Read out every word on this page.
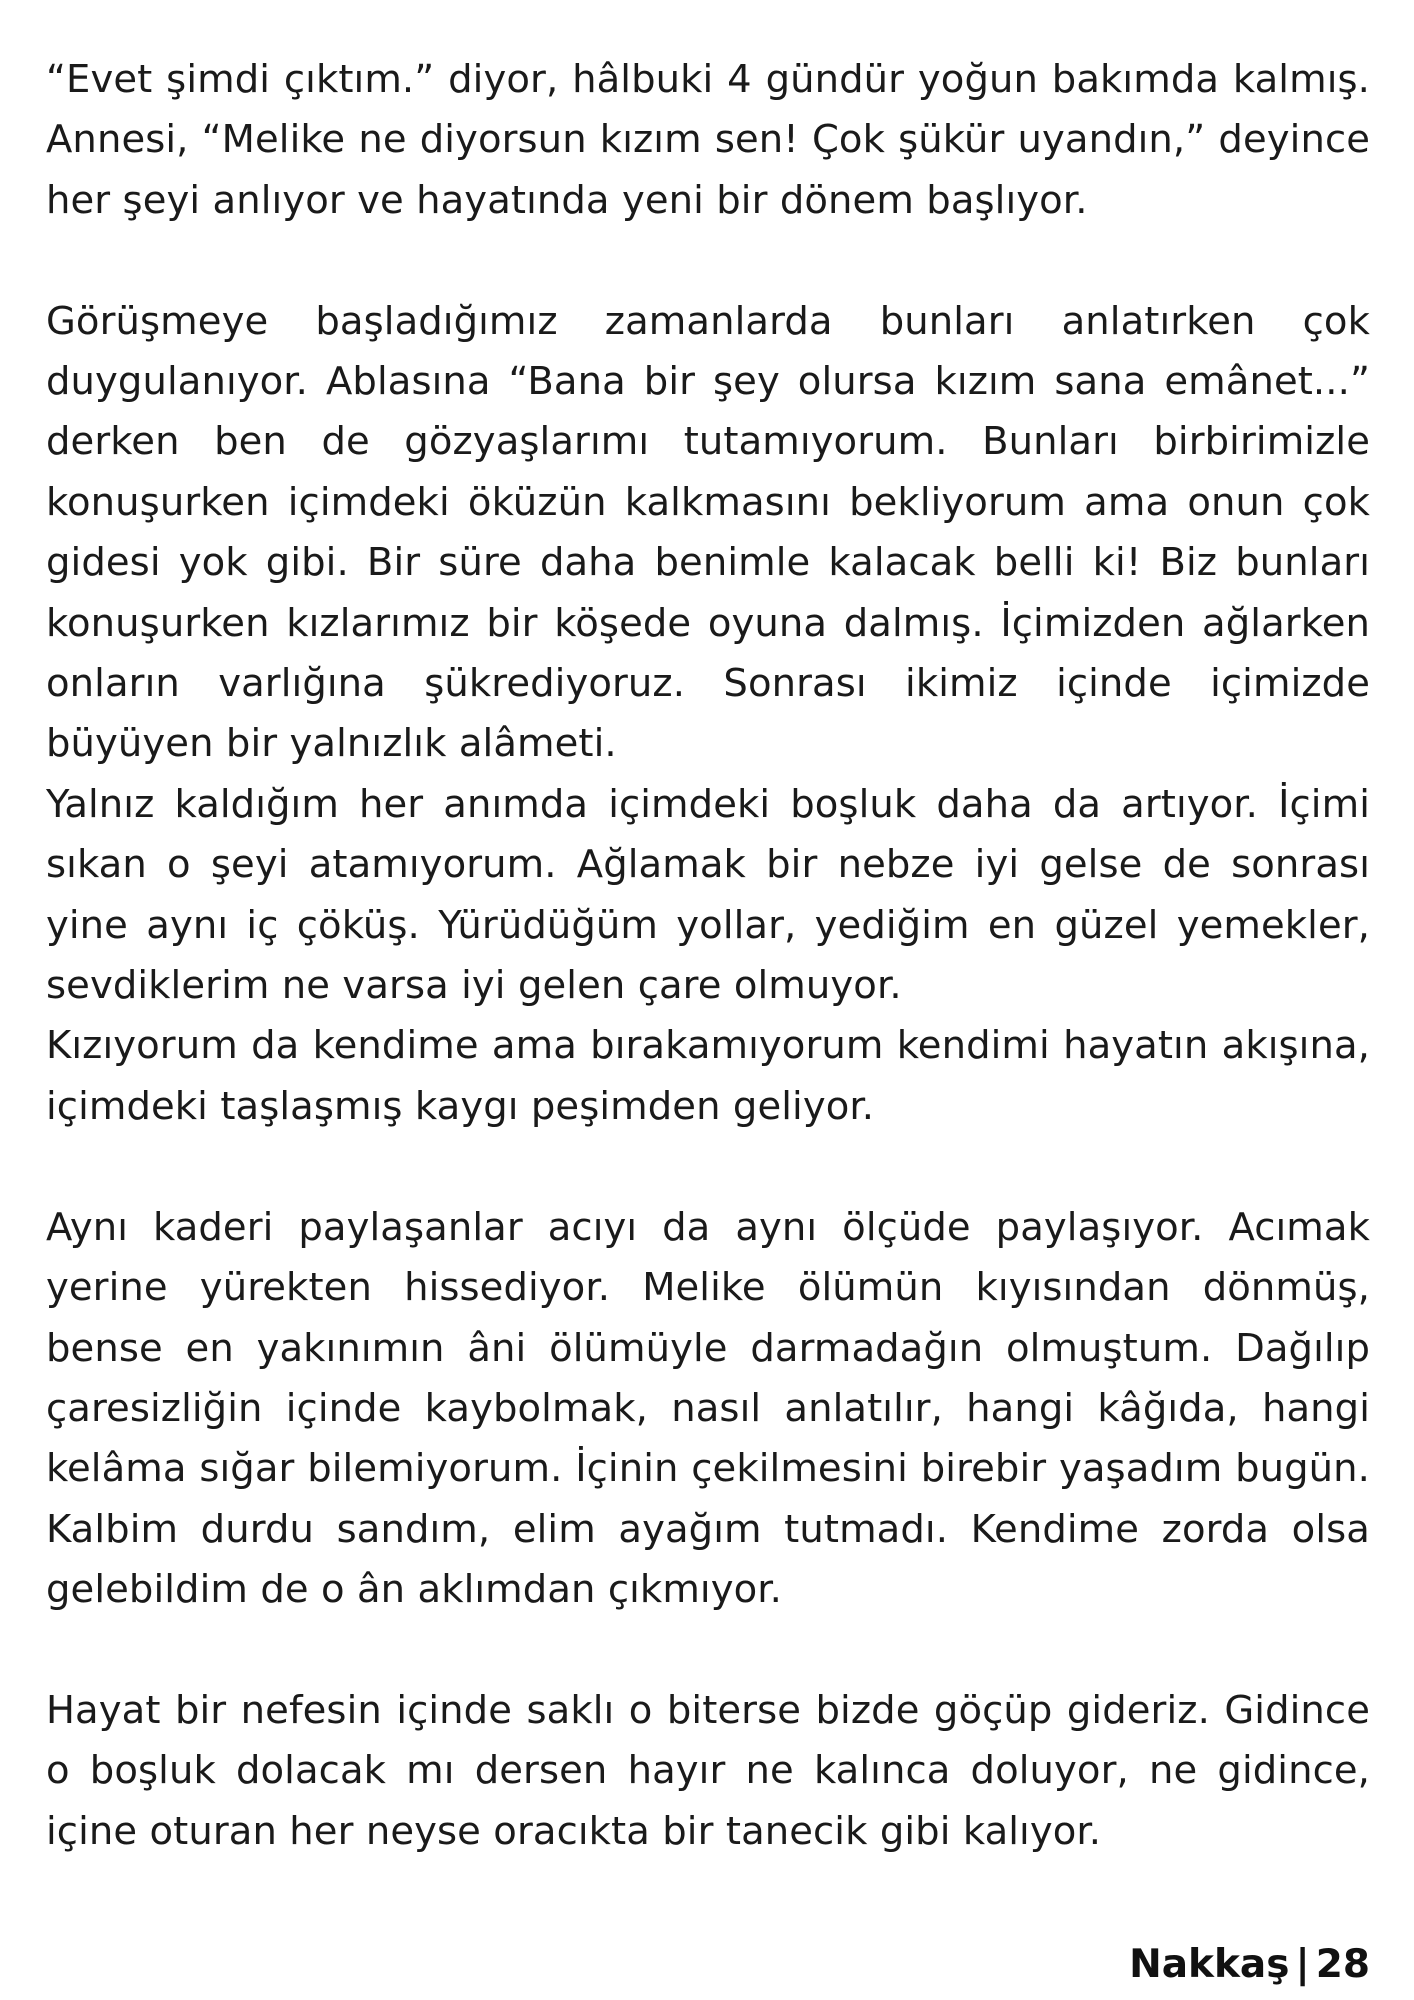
“Evet şimdi çıktım.” diyor, hâlbuki 4 gündür yoğun bakımda kalmış. Annesi, “Melike ne diyorsun kızım sen! Çok şükür uyandın,” deyince her şeyi anlıyor ve hayatında yeni bir dönem başlıyor.

Görüşmeye başladığımız zamanlarda bunları anlatırken çok duygulanıyor. Ablasına “Bana bir şey olursa kızım sana emânet...” derken ben de gözyaşlarımı tutamıyorum. Bunları birbirimizle konuşurken içimdeki öküzün kalkmasını bekliyorum ama onun çok gidesi yok gibi. Bir süre daha benimle kalacak belli ki! Biz bunları konuşurken kızlarımız bir köşede oyuna dalmış. İçimizden ağlarken onların varlığına şükrediyoruz. Sonrası ikimiz içinde içimizde büyüyen bir yalnızlık alâmeti.

Yalnız kaldığım her anımda içimdeki boşluk daha da artıyor. İçimi sıkan o şeyi atamıyorum. Ağlamak bir nebze iyi gelse de sonrası yine aynı iç çöküş. Yürüdüğüm yollar, yediğim en güzel yemekler, sevdiklerim ne varsa iyi gelen çare olmuyor.

Kızıyorum da kendime ama bırakamıyorum kendimi hayatın akışına, içimdeki taşlaşmış kaygı peşimden geliyor.

Aynı kaderi paylaşanlar acıyı da aynı ölçüde paylaşıyor. Acımak yerine yürekten hissediyor. Melike ölümün kıyısından dönmüş, bense en yakınımın âni ölümüyle darmadağın olmuştum. Dağılıp çaresizliğin içinde kaybolmak, nasıl anlatılır, hangi kâğıda, hangi kelâma sığar bilemiyorum. İçinin çekilmesini birebir yaşadım bugün. Kalbim durdu sandım, elim ayağım tutmadı. Kendime zorda olsa gelebildim de o ân aklımdan çıkmıyor.

Hayat bir nefesin içinde saklı o biterse bizde göçüp gideriz. Gidince o boşluk dolacak mı dersen hayır ne kalınca doluyor, ne gidince, içine oturan her neyse oracıkta bir tanecik gibi kalıyor.

Nakkaş | 28
